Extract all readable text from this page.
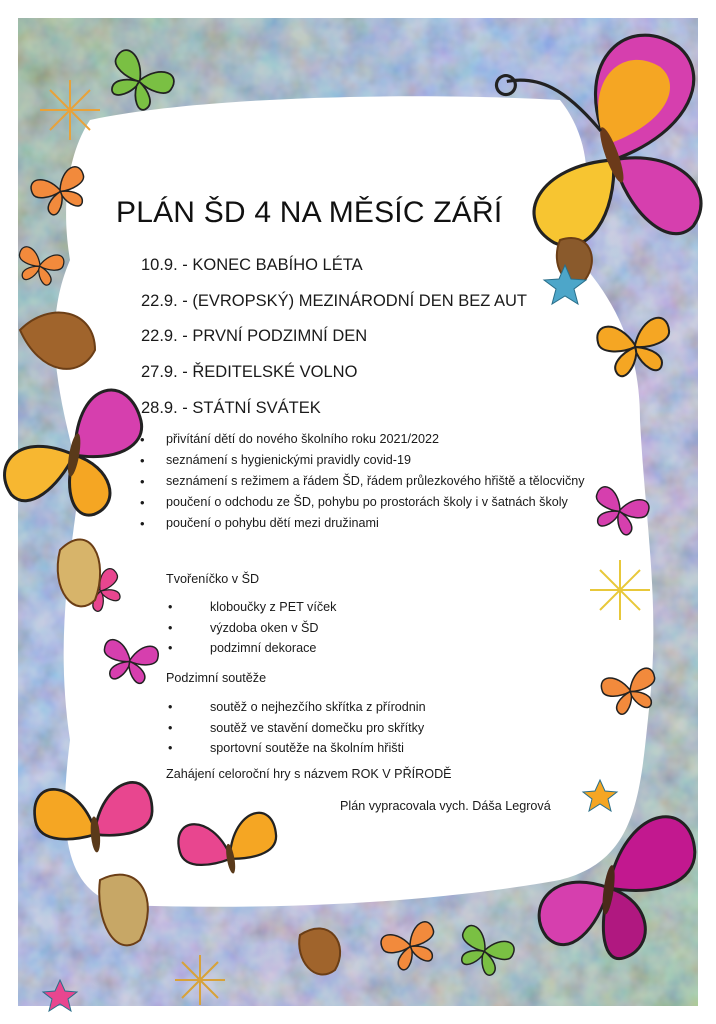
PLÁN ŠD 4 NA MĚSÍC ZÁŘÍ
10.9. - KONEC BABÍHO LÉTA
22.9. - (EVROPSKÝ) MEZINÁRODNÍ DEN BEZ AUT
22.9. - PRVNÍ PODZIMNÍ DEN
27.9. - ŘEDITELSKÉ VOLNO
28.9. - STÁTNÍ SVÁTEK
• přivítání dětí do nového školního roku 2021/2022
• seznámení s hygienickými pravidly covid-19
• seznámení s režimem a řádem ŠD, řádem průlezkového hřiště a tělocvičny
• poučení o odchodu ze ŠD, pohybu po prostorách školy i v šatnách školy
• poučení o pohybu dětí mezi družinami
Tvořeníčko v ŠD
• kloboučky z PET víček
• výzdoba oken v ŠD
• podzimní dekorace
Podzimní soutěže
• soutěž o nejhezčího skřítka z přírodnin
• soutěž ve stavění domečku pro skřítky
• sportovní soutěže na školním hřišti
Zahájení celoroční hry s názvem ROK V PŘÍRODĚ
Plán vypracovala vych. Dáša Legrová
